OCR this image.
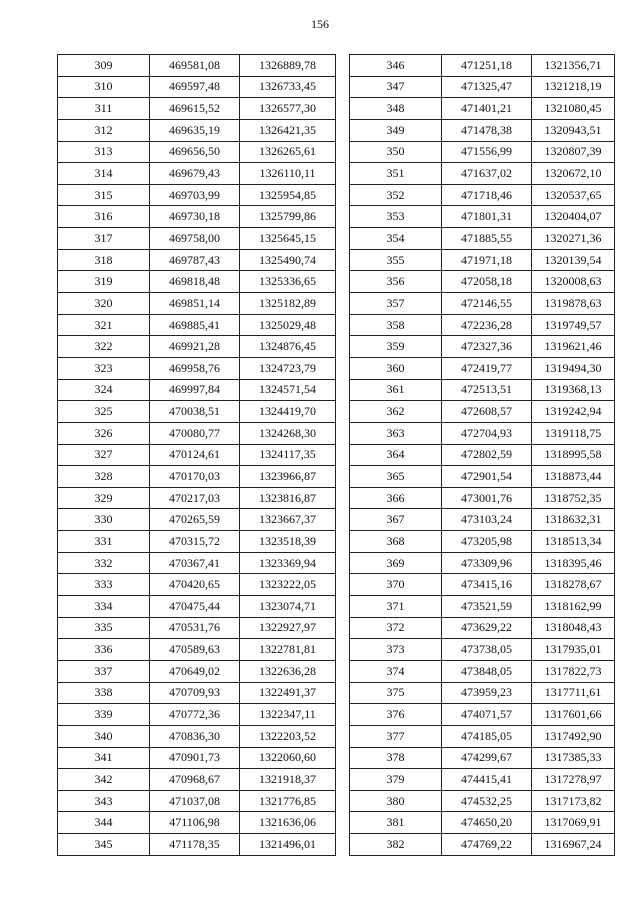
156
309	469581,08	1326889,78
310	469597,48	1326733,45
311	469615,52	1326577,30
312	469635,19	1326421,35
313	469656,50	1326265,61
314	469679,43	1326110,11
315	469703,99	1325954,85
316	469730,18	1325799,86
317	469758,00	1325645,15
318	469787,43	1325490,74
319	469818,48	1325336,65
320	469851,14	1325182,89
321	469885,41	1325029,48
322	469921,28	1324876,45
323	469958,76	1324723,79
324	469997,84	1324571,54
325	470038,51	1324419,70
326	470080,77	1324268,30
327	470124,61	1324117,35
328	470170,03	1323966,87
329	470217,03	1323816,87
330	470265,59	1323667,37
331	470315,72	1323518,39
332	470367,41	1323369,94
333	470420,65	1323222,05
334	470475,44	1323074,71
335	470531,76	1322927,97
336	470589,63	1322781,81
337	470649,02	1322636,28
338	470709,93	1322491,37
339	470772,36	1322347,11
340	470836,30	1322203,52
341	470901,73	1322060,60
342	470968,67	1321918,37
343	471037,08	1321776,85
344	471106,98	1321636,06
345	471178,35	1321496,01
346	471251,18	1321356,71
347	471325,47	1321218,19
348	471401,21	1321080,45
349	471478,38	1320943,51
350	471556,99	1320807,39
351	471637,02	1320672,10
352	471718,46	1320537,65
353	471801,31	1320404,07
354	471885,55	1320271,36
355	471971,18	1320139,54
356	472058,18	1320008,63
357	472146,55	1319878,63
358	472236,28	1319749,57
359	472327,36	1319621,46
360	472419,77	1319494,30
361	472513,51	1319368,13
362	472608,57	1319242,94
363	472704,93	1319118,75
364	472802,59	1318995,58
365	472901,54	1318873,44
366	473001,76	1318752,35
367	473103,24	1318632,31
368	473205,98	1318513,34
369	473309,96	1318395,46
370	473415,16	1318278,67
371	473521,59	1318162,99
372	473629,22	1318048,43
373	473738,05	1317935,01
374	473848,05	1317822,73
375	473959,23	1317711,61
376	474071,57	1317601,66
377	474185,05	1317492,90
378	474299,67	1317385,33
379	474415,41	1317278,97
380	474532,25	1317173,82
381	474650,20	1317069,91
382	474769,22	1316967,24
